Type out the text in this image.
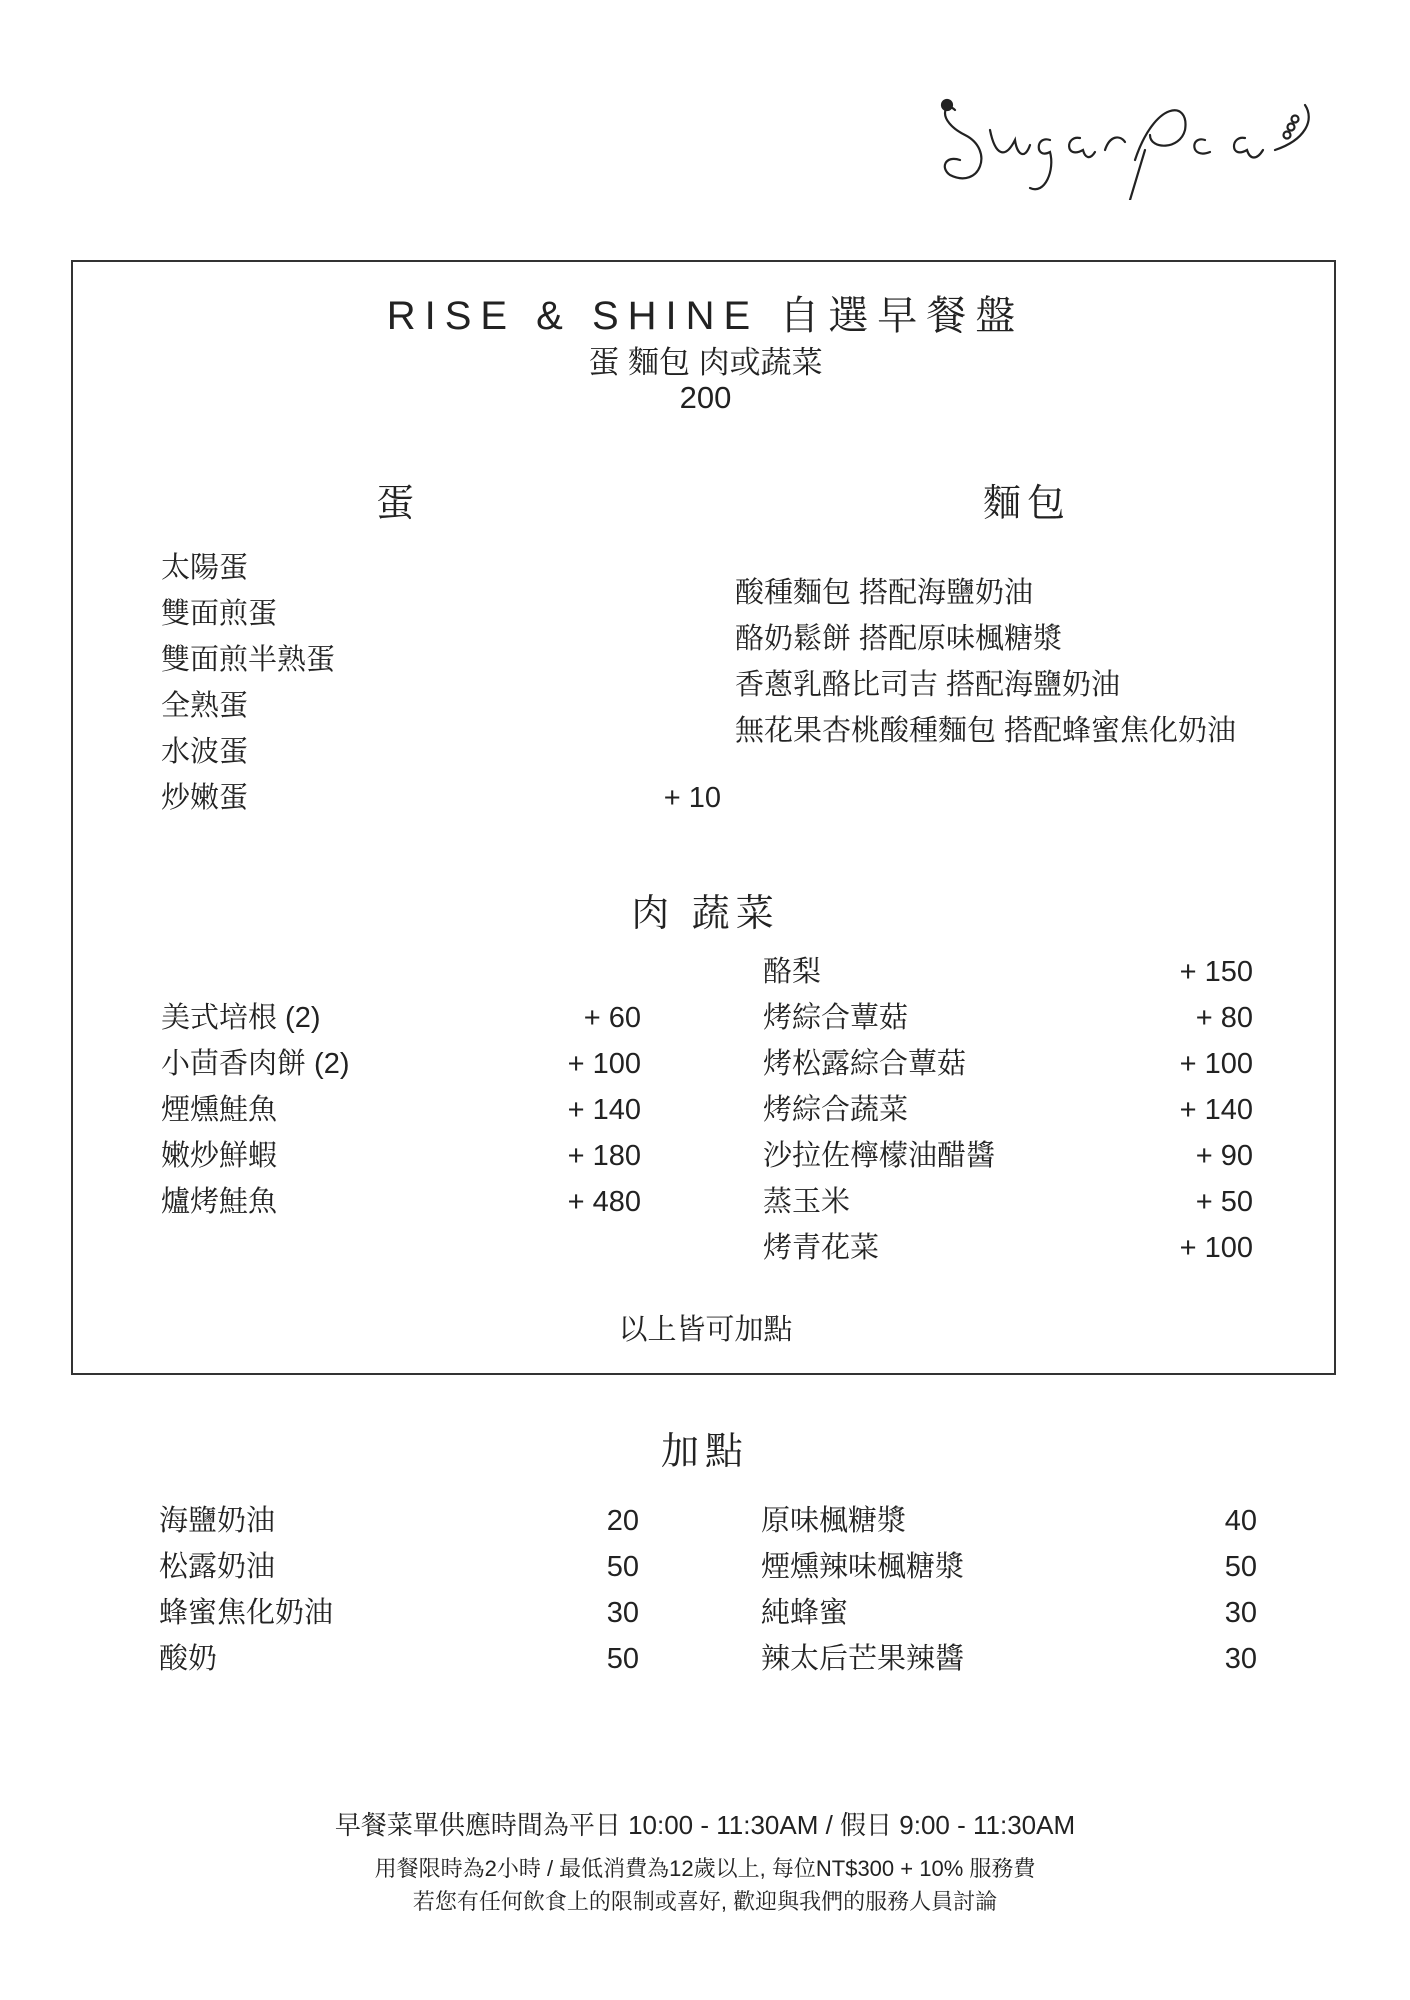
RISE & SHINE 自選早餐盤
蛋 麵包 肉或蔬菜
200
蛋
太陽蛋
雙面煎蛋
雙面煎半熟蛋
全熟蛋
水波蛋
炒嫩蛋	+ 10
麵包
酸種麵包 搭配海鹽奶油
酪奶鬆餅 搭配原味楓糖漿
香蔥乳酪比司吉 搭配海鹽奶油
無花果杏桃酸種麵包 搭配蜂蜜焦化奶油
肉 蔬菜
美式培根 (2)	+ 60
小茴香肉餅 (2)	+ 100
煙燻鮭魚	+ 140
嫩炒鮮蝦	+ 180
爐烤鮭魚	+ 480
酪梨	+ 150
烤綜合蕈菇	+ 80
烤松露綜合蕈菇	+ 100
烤綜合蔬菜	+ 140
沙拉佐檸檬油醋醬	+ 90
蒸玉米	+ 50
烤青花菜	+ 100
以上皆可加點
加點
海鹽奶油	20
松露奶油	50
蜂蜜焦化奶油	30
酸奶	50
原味楓糖漿	40
煙燻辣味楓糖漿	50
純蜂蜜	30
辣太后芒果辣醬	30
早餐菜單供應時間為平日 10:00 - 11:30AM / 假日 9:00 - 11:30AM
用餐限時為2小時 / 最低消費為12歲以上, 每位NT$300 + 10% 服務費
若您有任何飲食上的限制或喜好, 歡迎與我們的服務人員討論
